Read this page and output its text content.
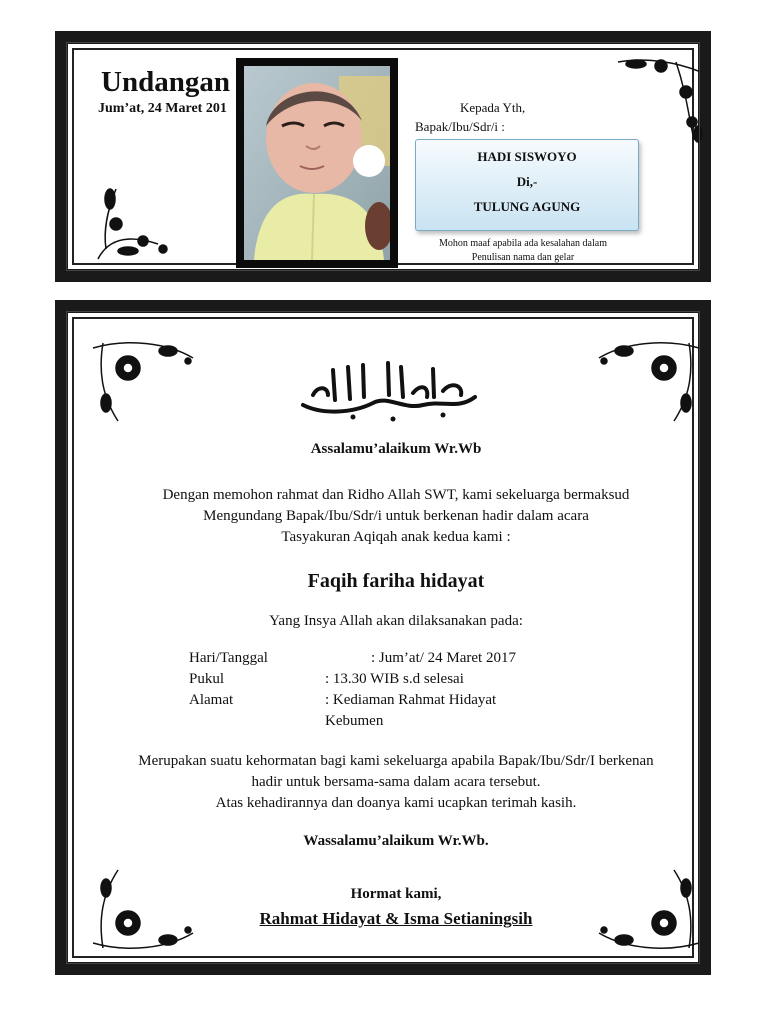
Undangan
Jum’at, 24 Maret 201	Kepada Yth,
Bapak/Ibu/Sdr/i :
HADI SISWOYO
Di,-
TULUNG AGUNG
Mohon maaf apabila ada kesalahan dalam
Penulisan nama dan gelar
Assalamu’alaikum Wr.Wb
Dengan memohon rahmat dan Ridho Allah SWT, kami sekeluarga bermaksud
Mengundang Bapak/Ibu/Sdr/i untuk berkenan hadir dalam acara
Tasyakuran Aqiqah anak kedua kami :
Faqih fariha hidayat
Yang Insya Allah akan dilaksanakan pada:
Hari/Tanggal	: Jum’at/ 24 Maret 2017
Pukul	: 13.30 WIB s.d selesai
Alamat	: Kediaman Rahmat Hidayat
Kebumen
Merupakan suatu kehormatan bagi kami sekeluarga apabila Bapak/Ibu/Sdr/I berkenan
hadir untuk bersama-sama dalam acara tersebut.
Atas kehadirannya dan doanya kami ucapkan terimah kasih.
Wassalamu’alaikum Wr.Wb.
Hormat kami,
Rahmat Hidayat & Isma Setianingsih
